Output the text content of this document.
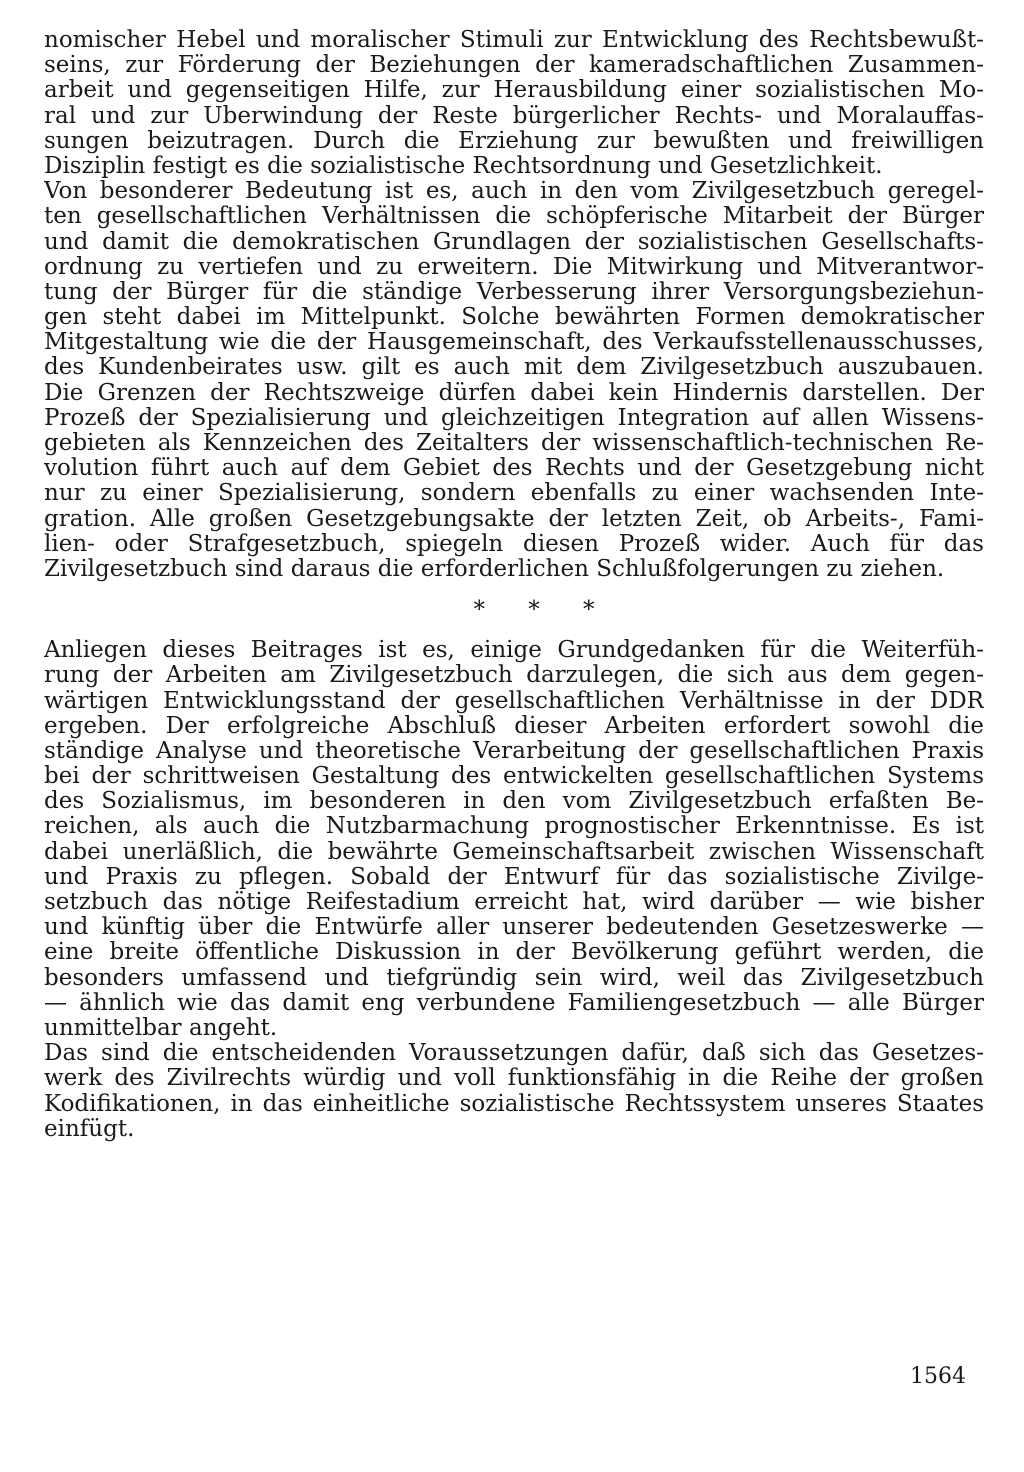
nomischer Hebel und moralischer Stimuli zur Entwicklung des Rechtsbewußt-
seins, zur Förderung der Beziehungen der kameradschaftlichen Zusammen-
arbeit und gegenseitigen Hilfe, zur Herausbildung einer sozialistischen Mo-
ral und zur Überwindung der Reste bürgerlicher Rechts- und Moralauffas-
sungen beizutragen. Durch die Erziehung zur bewußten und freiwilligen
Disziplin festigt es die sozialistische Rechtsordnung und Gesetzlichkeit.
Von besonderer Bedeutung ist es, auch in den vom Zivilgesetzbuch geregel-
ten gesellschaftlichen Verhältnissen die schöpferische Mitarbeit der Bürger
und damit die demokratischen Grundlagen der sozialistischen Gesellschafts-
ordnung zu vertiefen und zu erweitern. Die Mitwirkung und Mitverantwor-
tung der Bürger für die ständige Verbesserung ihrer Versorgungsbeziehun-
gen steht dabei im Mittelpunkt. Solche bewährten Formen demokratischer
Mitgestaltung wie die der Hausgemeinschaft, des Verkaufsstellenausschusses,
des Kundenbeirates usw. gilt es auch mit dem Zivilgesetzbuch auszubauen.
Die Grenzen der Rechtszweige dürfen dabei kein Hindernis darstellen. Der
Prozeß der Spezialisierung und gleichzeitigen Integration auf allen Wissens-
gebieten als Kennzeichen des Zeitalters der wissenschaftlich-technischen Re-
volution führt auch auf dem Gebiet des Rechts und der Gesetzgebung nicht
nur zu einer Spezialisierung, sondern ebenfalls zu einer wachsenden Inte-
gration. Alle großen Gesetzgebungsakte der letzten Zeit, ob Arbeits-, Fami-
lien- oder Strafgesetzbuch, spiegeln diesen Prozeß wider. Auch für das
Zivilgesetzbuch sind daraus die erforderlichen Schlußfolgerungen zu ziehen.
* * *
Anliegen dieses Beitrages ist es, einige Grundgedanken für die Weiterfüh-
rung der Arbeiten am Zivilgesetzbuch darzulegen, die sich aus dem gegen-
wärtigen Entwicklungsstand der gesellschaftlichen Verhältnisse in der DDR
ergeben. Der erfolgreiche Abschluß dieser Arbeiten erfordert sowohl die
ständige Analyse und theoretische Verarbeitung der gesellschaftlichen Praxis
bei der schrittweisen Gestaltung des entwickelten gesellschaftlichen Systems
des Sozialismus, im besonderen in den vom Zivilgesetzbuch erfaßten Be-
reichen, als auch die Nutzbarmachung prognostischer Erkenntnisse. Es ist
dabei unerläßlich, die bewährte Gemeinschaftsarbeit zwischen Wissenschaft
und Praxis zu pflegen. Sobald der Entwurf für das sozialistische Zivilge-
setzbuch das nötige Reifestadium erreicht hat, wird darüber — wie bisher
und künftig über die Entwürfe aller unserer bedeutenden Gesetzeswerke —
eine breite öffentliche Diskussion in der Bevölkerung geführt werden, die
besonders umfassend und tiefgründig sein wird, weil das Zivilgesetzbuch
— ähnlich wie das damit eng verbundene Familiengesetzbuch — alle Bürger
unmittelbar angeht.
Das sind die entscheidenden Voraussetzungen dafür, daß sich das Gesetzes-
werk des Zivilrechts würdig und voll funktionsfähig in die Reihe der großen
Kodifikationen, in das einheitliche sozialistische Rechtssystem unseres Staates
einfügt.
1564
